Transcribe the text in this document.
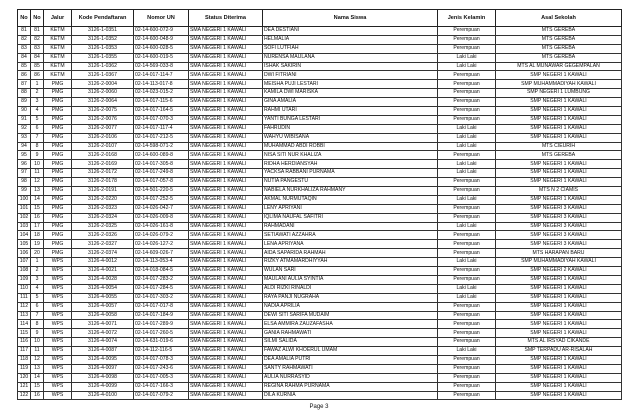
No	No	Jalur	Kode Pendaftaran	Nomor UN	Status Diterima	Nama Siswa	Jenis Kelamin	Asal Sekolah
81	81	KETM	3126-1-0351	02-14-600-072-9	SMA NEGERI 1 KAWALI	DEA DESTIANI	Perempuan	MTS GEREBA
82	82	KETM	3126-1-0352	02-14-600-048-9	SMA NEGERI 1 KAWALI	HELMALIA	Perempuan	MTS GEREBA
83	83	KETM	3126-1-0353	02-14-600-028-5	SMA NEGERI 1 KAWALI	SOFI LUTFIAH	Perempuan	MTS GEREBA
84	84	KETM	3126-1-0355	02-14-600-019-5	SMA NEGERI 1 KAWALI	NURENSA MAULANA	Laki Laki	MTS GEREBA
85	85	KETM	3126-1-0362	02-14-569-033-8	SMA NEGERI 1 KAWALI	ISHAK SAKIRIN	Laki Laki	MTS AL MUNAWAR GEGEMPALAN
86	86	KETM	3126-1-0367	02-14-017-114-7	SMA NEGERI 1 KAWALI	DWI FITRIANI	Perempuan	SMP NEGERI 1 KAWALI
87	1	PMG	3126-2-0004	02-14-113-017-8	SMA NEGERI 1 KAWALI	MEISHA PUJI LESTARI	Perempuan	SMP MUHAMMADIYAH KAWALI
88	2	PMG	3126-2-0060	02-14-023-015-2	SMA NEGERI 1 KAWALI	KAMILA DWI MARISKA	Perempuan	SMP NEGERI 1 LUMBUNG
89	3	PMG	3126-2-0064	02-14-017-115-6	SMA NEGERI 1 KAWALI	GINA AMALIA	Perempuan	SMP NEGERI 1 KAWALI
90	4	PMG	3126-2-0075	02-14-017-164-5	SMA NEGERI 1 KAWALI	RAHMI UTARI	Perempuan	SMP NEGERI 1 KAWALI
91	5	PMG	3126-2-0076	02-14-017-070-3	SMA NEGERI 1 KAWALI	YANTI BUNGA LESTARI	Perempuan	SMP NEGERI 1 KAWALI
92	6	PMG	3126-2-0077	02-14-017-117-4	SMA NEGERI 1 KAWALI	FAHRUDIN	Laki Laki	SMP NEGERI 1 KAWALI
93	7	PMG	3126-2-0106	02-14-017-212-5	SMA NEGERI 1 KAWALI	WAHYU WIBISANA	Laki Laki	SMP NEGERI 1 KAWALI
94	8	PMG	3126-2-0107	02-14-598-071-2	SMA NEGERI 1 KAWALI	MUHAMMAD ABDI ROBBI	Laki Laki	MTS CIEURIH
95	9	PMG	3126-2-0168	02-14-600-089-8	SMA NEGERI 1 KAWALI	NISA SITI NUR KHALIZA	Perempuan	MTS GEREBA
96	10	PMG	3126-2-0169	02-14-017-305-8	SMA NEGERI 1 KAWALI	RIDHA HERDIANSYAH	Laki Laki	SMP NEGERI 1 KAWALI
97	11	PMG	3126-2-0172	02-14-017-249-8	SMA NEGERI 1 KAWALI	YACKSA RABBANI PURNAMA	Laki Laki	SMP NEGERI 1 KAWALI
98	12	PMG	3126-2-0178	02-14-017-057-8	SMA NEGERI 1 KAWALI	NUTIA PANGESTU	Perempuan	SMP NEGERI 1 KAWALI
99	13	PMG	3126-2-0191	02-14-501-220-5	SMA NEGERI 1 KAWALI	NABIELA NURKHALIZA RAHMANY	Perempuan	MTS N 2 CIAMIS
100	14	PMG	3126-2-0220	02-14-017-252-5	SMA NEGERI 1 KAWALI	AKMAL NURMUTAQIN	Laki Laki	SMP NEGERI 1 KAWALI
101	15	PMG	3126-2-0323	02-14-026-042-7	SMA NEGERI 1 KAWALI	LENY APRIYANI	Perempuan	SMP NEGERI 3 KAWALI
102	16	PMG	3126-2-0324	02-14-026-009-8	SMA NEGERI 1 KAWALI	IQLIMA NAUFAL SAFITRI	Perempuan	SMP NEGERI 3 KAWALI
103	17	PMG	3126-2-0325	02-14-026-161-8	SMA NEGERI 1 KAWALI	RAHMADANI	Laki Laki	SMP NEGERI 3 KAWALI
104	18	PMG	3126-2-0326	02-14-026-079-2	SMA NEGERI 1 KAWALI	SETIAWATI AZZAHRA	Perempuan	SMP NEGERI 3 KAWALI
105	19	PMG	3126-2-0327	02-14-026-127-2	SMA NEGERI 1 KAWALI	LENA APRIYANA	Perempuan	SMP NEGERI 3 KAWALI
106	20	PMG	3126-2-0374	02-14-609-026-7	SMA NEGERI 1 KAWALI	AIDA SAPARIDA RAHMAH	Perempuan	MTS HARAPAN BARU
107	1	WPS	3126-4-0012	02-14-113-053-4	SMA NEGERI 1 KAWALI	RIZKY ATMAMARDHIYYAH	Laki Laki	SMP MUHAMMADIYAH KAWALI
108	2	WPS	3126-4-0021	02-14-018-084-5	SMA NEGERI 1 KAWALI	WULAN SARI	Perempuan	SMP NEGERI 2 KAWALI
109	3	WPS	3126-4-0028	02-14-017-283-2	SMA NEGERI 1 KAWALI	MAULANI AULIA SYINTIA	Perempuan	SMP NEGERI 1 KAWALI
110	4	WPS	3126-4-0054	02-14-017-284-5	SMA NEGERI 1 KAWALI	ALDI RIZKI RINALDI	Laki Laki	SMP NEGERI 1 KAWALI
111	5	WPS	3126-4-0055	02-14-017-303-2	SMA NEGERI 1 KAWALI	RAYA PANJI NUGRAHA	Laki Laki	SMP NEGERI 1 KAWALI
112	6	WPS	3126-4-0057	02-14-017-017-8	SMA NEGERI 1 KAWALI	NADIA APRILIA	Perempuan	SMP NEGERI 1 KAWALI
113	7	WPS	3126-4-0058	02-14-017-184-9	SMA NEGERI 1 KAWALI	DEWI SITI SARIFA MUDAIM	Perempuan	SMP NEGERI 1 KAWALI
114	8	WPS	3126-4-0071	02-14-017-289-9	SMA NEGERI 1 KAWALI	ELSA AMMIRA ZAUZAFASHA	Perempuan	SMP NEGERI 1 KAWALI
115	9	WPS	3126-4-0072	02-14-017-260-5	SMA NEGERI 1 KAWALI	GANIA RAHMAWATI	Perempuan	SMP NEGERI 1 KAWALI
116	10	WPS	3126-4-0074	02-14-631-019-6	SMA NEGERI 1 KAWALI	SILMI SALIDA	Perempuan	MTS AL IRSYAD CIKANDE
117	11	WPS	3126-4-0087	02-14-112-116-5	SMA NEGERI 1 KAWALI	FAWAZ ALWI KHOERUL UMAM	Laki Laki	SMP TERPADU AR-RISALAH
118	12	WPS	3126-4-0095	02-14-017-078-3	SMA NEGERI 1 KAWALI	DEA AMALIA PUTRI	Perempuan	SMP NEGERI 1 KAWALI
119	13	WPS	3126-4-0097	02-14-017-243-6	SMA NEGERI 1 KAWALI	SANTY RAHMAWATI	Perempuan	SMP NEGERI 1 KAWALI
120	14	WPS	3126-4-0098	02-14-017-005-3	SMA NEGERI 1 KAWALI	AULIA NURRASYID	Perempuan	SMP NEGERI 1 KAWALI
121	15	WPS	3126-4-0099	02-14-017-166-3	SMA NEGERI 1 KAWALI	REGINA RAHMA PURNAMA	Perempuan	SMP NEGERI 1 KAWALI
122	16	WPS	3126-4-0100	02-14-017-079-2	SMA NEGERI 1 KAWALI	DILA KURNIA	Perempuan	SMP NEGERI 1 KAWALI
Page 3
